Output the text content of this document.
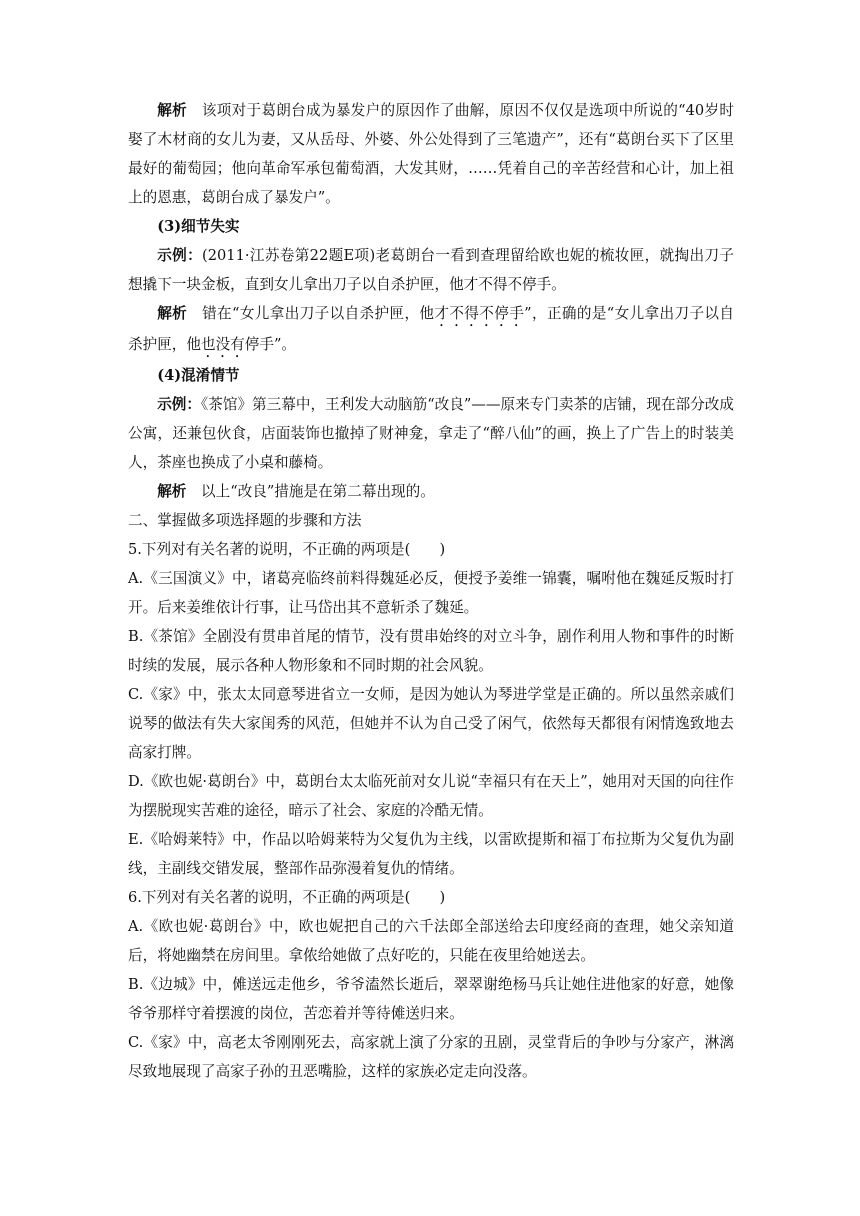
解析　 该项对于葛朗台成为暴发户的原因作了曲解，原因不仅仅是选项中所说的“40岁时娶了木材商的女儿为妻，又从岳母、外婆、外公处得到了三笔遗产”，还有“葛朗台买下了区里最好的葡萄园；他向革命军承包葡萄酒，大发其财，……凭着自己的辛苦经营和心计，加上祖上的恩惠，葛朗台成了暴发户”。

(3)细节失实

示例：(2011·江苏卷第22题E项)老葛朗台一看到查理留给欧也妮的梳妆匣，就掏出刀子想撬下一块金板，直到女儿拿出刀子以自杀护匣，他才不得不停手。

解析　 错在“女儿拿出刀子以自杀护匣，他才不得不停手”，正确的是“女儿拿出刀子以自杀护匣，他也没有停手”。

(4)混淆情节

示例：《茶馆》第三幕中，王利发大动脑筋“改良”——原来专门卖茶的店铺，现在部分改成公寓，还兼包伙食，店面装饰也撤掉了财神龛，拿走了“醉八仙”的画，换上了广告上的时装美人，茶座也换成了小桌和藤椅。

解析　 以上“改良”措施是在第二幕出现的。

二、掌握做多项选择题的步骤和方法

5.下列对有关名著的说明，不正确的两项是(　　)

A.《三国演义》中，诸葛亮临终前料得魏延必反，便授予姜维一锦囊，嘱咐他在魏延反叛时打开。后来姜维依计行事，让马岱出其不意斩杀了魏延。

B.《茶馆》全剧没有贯串首尾的情节，没有贯串始终的对立斗争，剧作利用人物和事件的时断时续的发展，展示各种人物形象和不同时期的社会风貌。

C.《家》中，张太太同意琴进省立一女师，是因为她认为琴进学堂是正确的。所以虽然亲戚们说琴的做法有失大家闺秀的风范，但她并不认为自己受了闲气，依然每天都很有闲情逸致地去高家打牌。

D.《欧也妮·葛朗台》中，葛朗台太太临死前对女儿说“幸福只有在天上”，她用对天国的向往作为摆脱现实苦难的途径，暗示了社会、家庭的冷酷无情。

E.《哈姆莱特》中，作品以哈姆莱特为父复仇为主线，以雷欧提斯和福丁布拉斯为父复仇为副线，主副线交错发展，整部作品弥漫着复仇的情绪。

6.下列对有关名著的说明，不正确的两项是(　　)

A.《欧也妮·葛朗台》中，欧也妮把自己的六千法郎全部送给去印度经商的查理，她父亲知道后，将她幽禁在房间里。拿侬给她做了点好吃的，只能在夜里给她送去。

B.《边城》中，傩送远走他乡，爷爷溘然长逝后，翠翠谢绝杨马兵让她住进他家的好意，她像爷爷那样守着摆渡的岗位，苦恋着并等待傩送归来。

C.《家》中，高老太爷刚刚死去，高家就上演了分家的丑剧，灵堂背后的争吵与分家产，淋漓尽致地展现了高家子孙的丑恶嘴脸，这样的家族必定走向没落。
